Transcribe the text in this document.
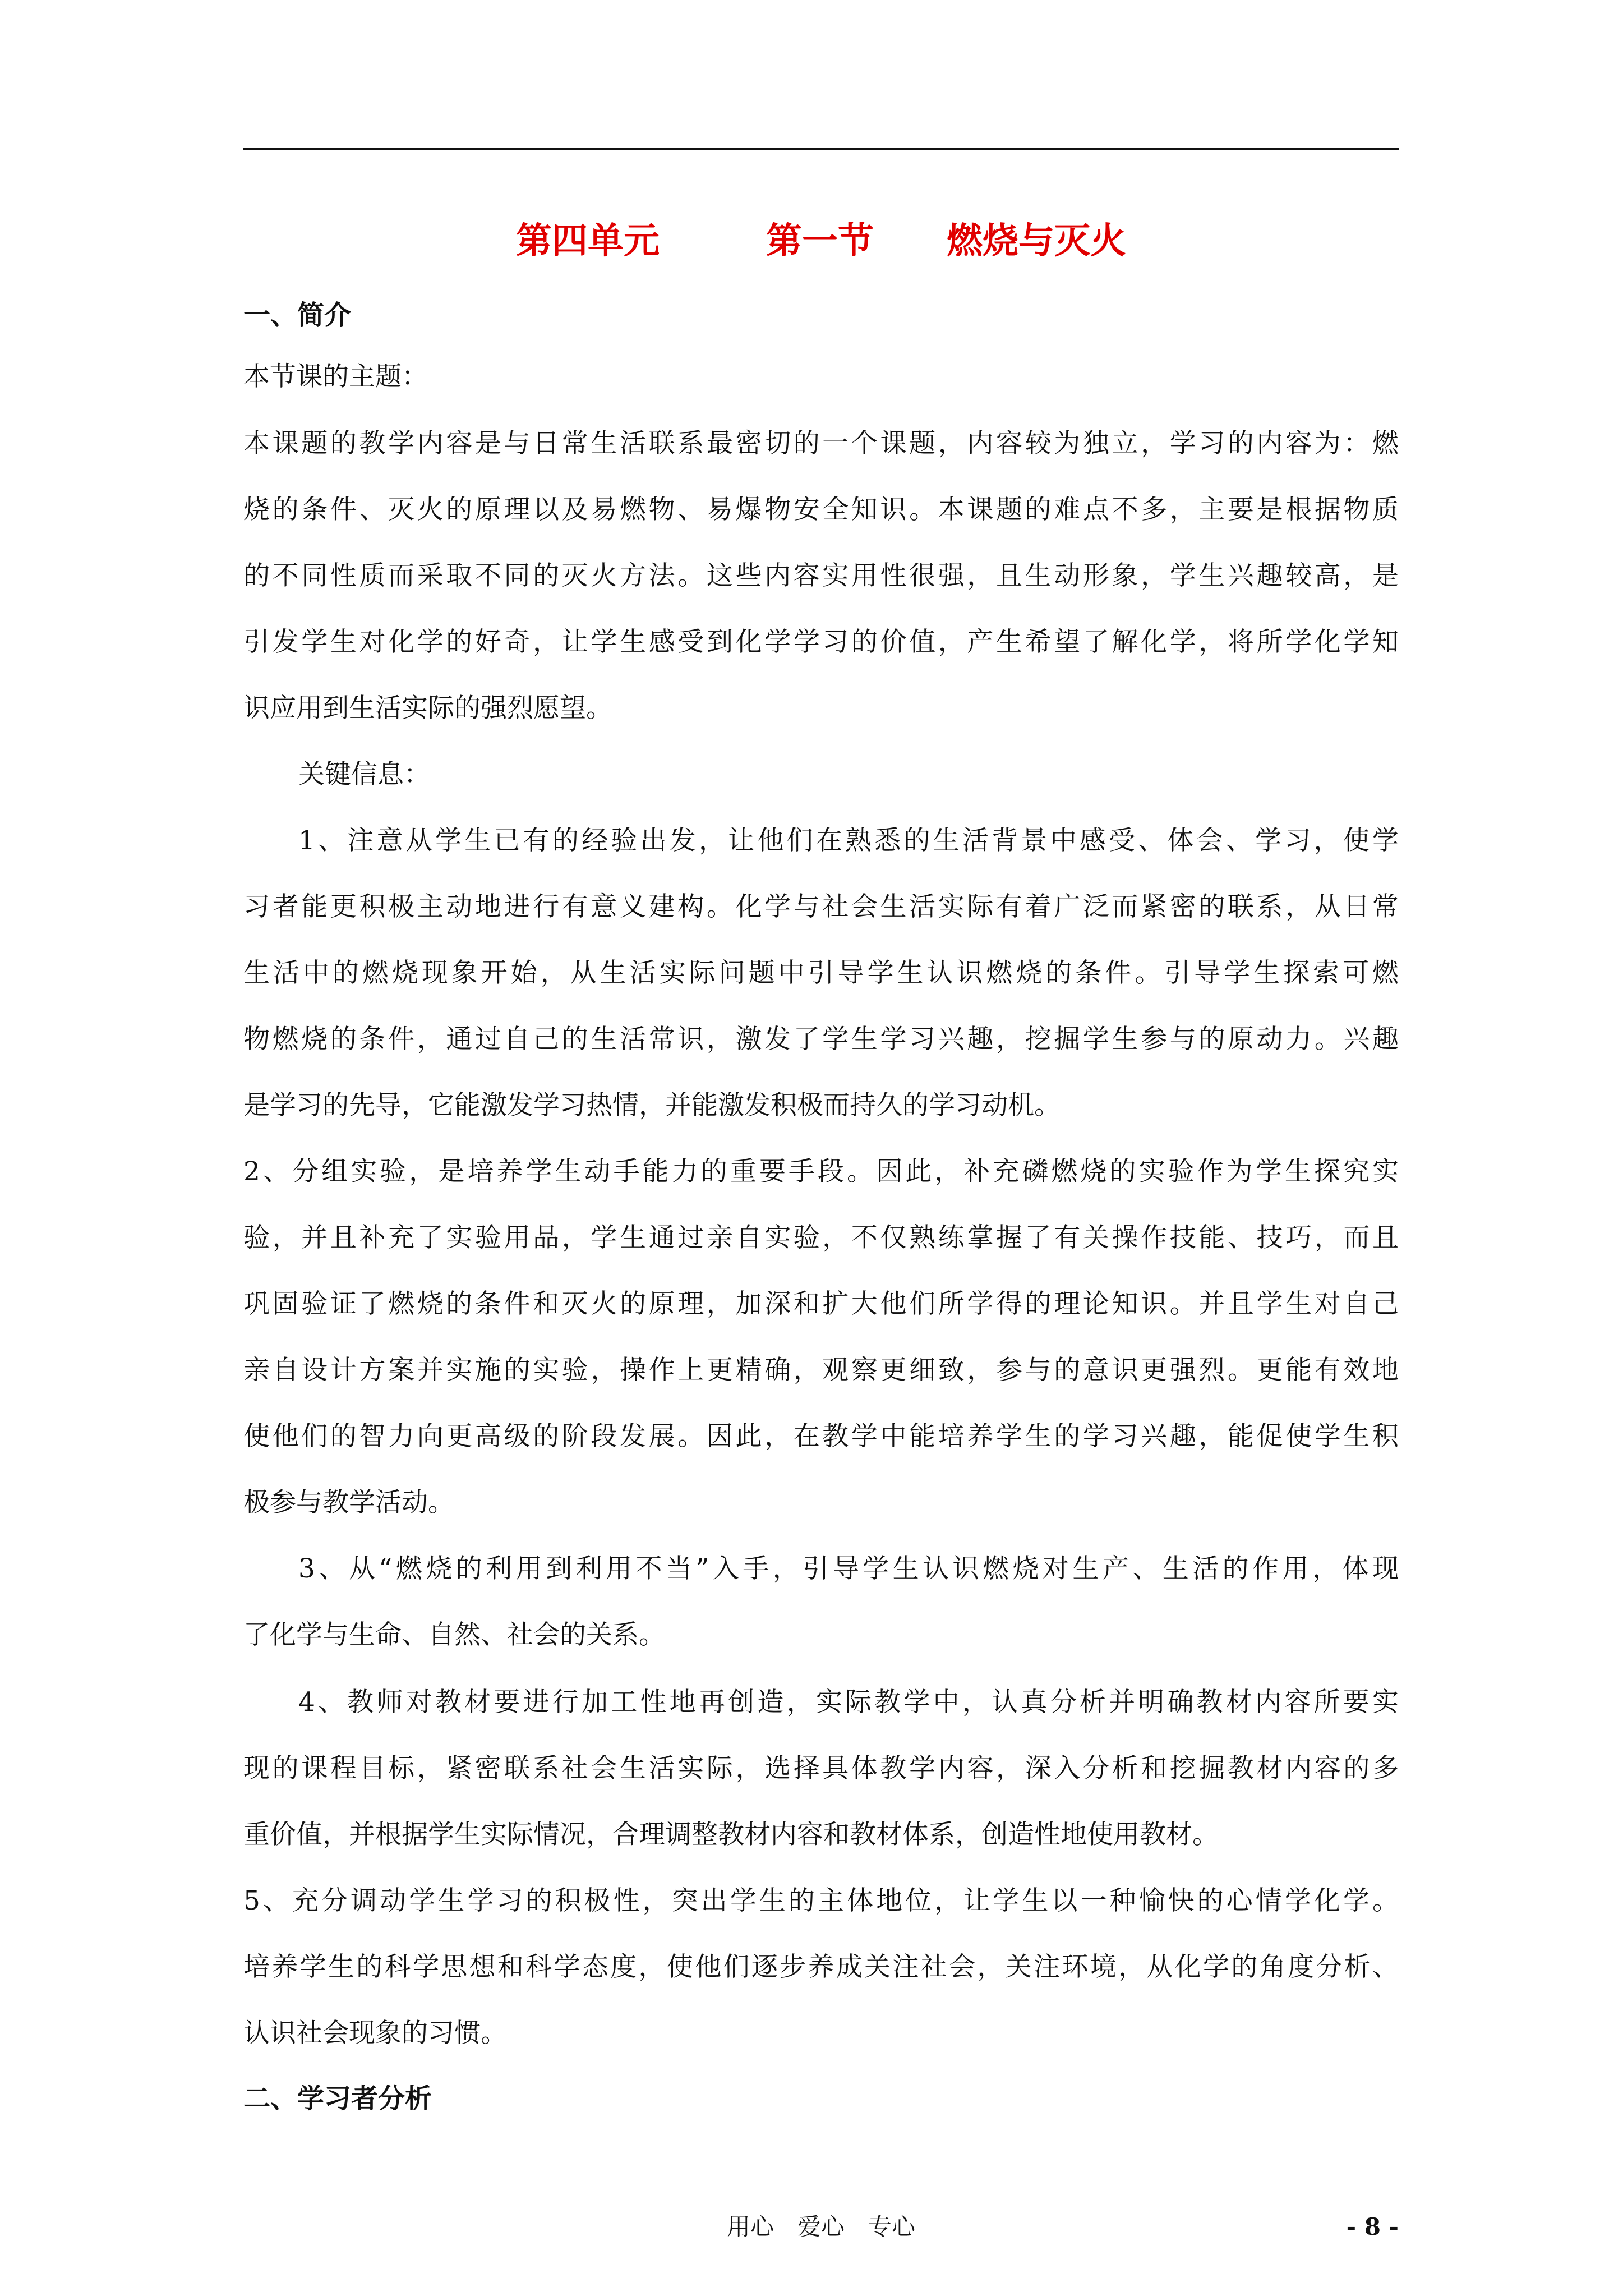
第四单元	第一节 燃烧与灭火
一、简介
本节课的主题：
本课题的教学内容是与日常生活联系最密切的一个课题，内容较为独立，学习的内容为：燃
烧的条件、灭火的原理以及易燃物、易爆物安全知识。本课题的难点不多，主要是根据物质
的不同性质而采取不同的灭火方法。这些内容实用性很强，且生动形象，学生兴趣较高，是
引发学生对化学的好奇，让学生感受到化学学习的价值，产生希望了解化学，将所学化学知
识应用到生活实际的强烈愿望。
关键信息：
1、注意从学生已有的经验出发，让他们在熟悉的生活背景中感受、体会、学习，使学
习者能更积极主动地进行有意义建构。化学与社会生活实际有着广泛而紧密的联系，从日常
生活中的燃烧现象开始，从生活实际问题中引导学生认识燃烧的条件。引导学生探索可燃
物燃烧的条件，通过自己的生活常识，激发了学生学习兴趣，挖掘学生参与的原动力。兴趣
是学习的先导，它能激发学习热情，并能激发积极而持久的学习动机。
2、分组实验，是培养学生动手能力的重要手段。因此，补充磷燃烧的实验作为学生探究实
验，并且补充了实验用品，学生通过亲自实验，不仅熟练掌握了有关操作技能、技巧，而且
巩固验证了燃烧的条件和灭火的原理，加深和扩大他们所学得的理论知识。并且学生对自己
亲自设计方案并实施的实验，操作上更精确，观察更细致，参与的意识更强烈。更能有效地
使他们的智力向更高级的阶段发展。因此，在教学中能培养学生的学习兴趣，能促使学生积
极参与教学活动。
3、从“燃烧的利用到利用不当”入手，引导学生认识燃烧对生产、生活的作用，体现
了化学与生命、自然、社会的关系。
4、教师对教材要进行加工性地再创造，实际教学中，认真分析并明确教材内容所要实
现的课程目标，紧密联系社会生活实际，选择具体教学内容，深入分析和挖掘教材内容的多
重价值，并根据学生实际情况，合理调整教材内容和教材体系，创造性地使用教材。
5、充分调动学生学习的积极性，突出学生的主体地位，让学生以一种愉快的心情学化学。
培养学生的科学思想和科学态度，使他们逐步养成关注社会，关注环境，从化学的角度分析、
认识社会现象的习惯。
二、学习者分析
用心　爱心　专心	- 8 -
